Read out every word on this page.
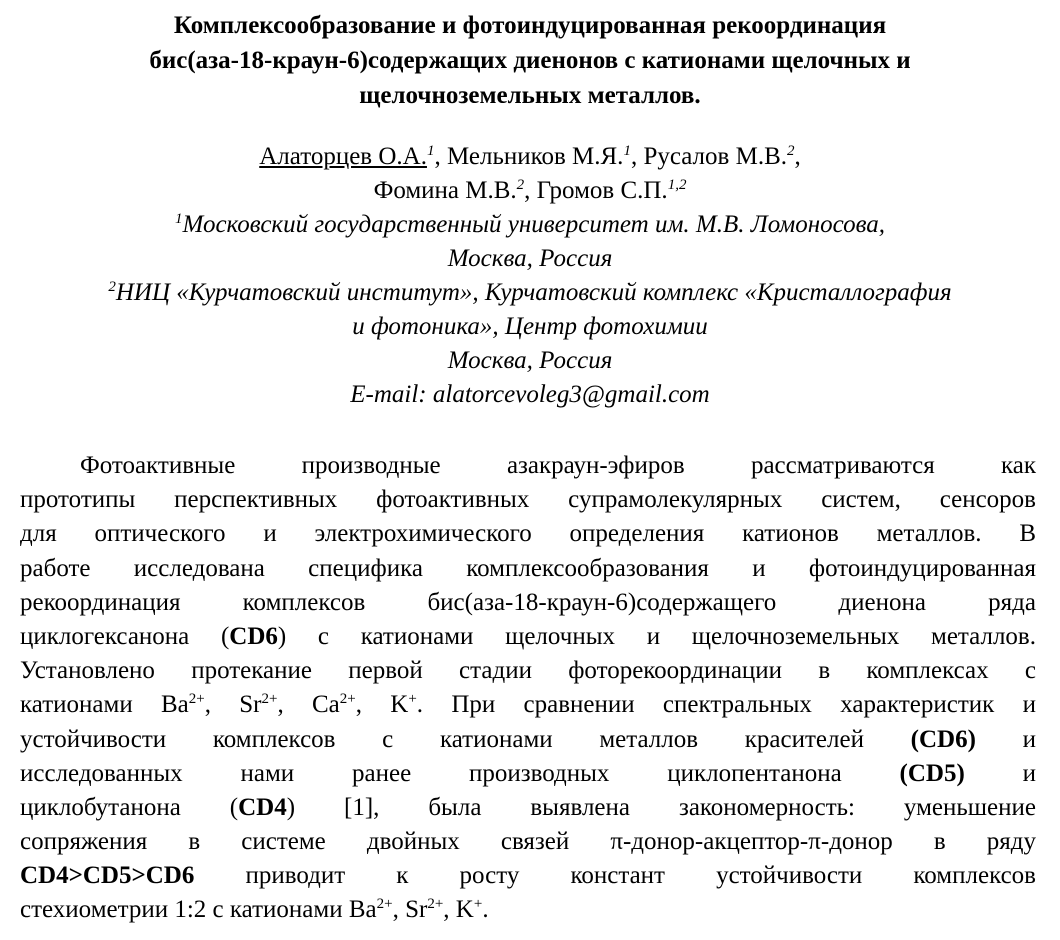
Комплексообразование и фотоиндуцированная рекоординация
бис(аза-18-краун-6)содержащих диенонов с катионами щелочных и
щелочноземельных металлов.
Алаторцев О.А.$^1$, Мельников М.Я.$^1$, Русалов М.В.$^2$,
Фомина М.В.$^2$, Громов С.П.$^{1,2}$
$^1$Московский государственный университет им. М.В. Ломоносова,
Москва, Россия
$^2$НИЦ «Курчатовский институт», Курчатовский комплекс «Кристаллография
и фотоника», Центр фотохимии
Москва, Россия
E-mail: alatorcevoleg3@gmail.com
Фотоактивные производные азакраун-эфиров рассматриваются как
прототипы перспективных фотоактивных супрамолекулярных систем, сенсоров
для оптического и электрохимического определения катионов металлов. В
работе исследована специфика комплексообразования и фотоиндуцированная
рекоординация комплексов бис(аза-18-краун-6)содержащего диенона ряда
циклогексанона (CD6) с катионами щелочных и щелочноземельных металлов.
Установлено протекание первой стадии фоторекоординации в комплексах с
катионами $Ba^{2+}$, $Sr^{2+}$, $Ca^{2+}$, K+. При сравнении спектральных характеристик и
устойчивости комплексов с катионами металлов красителей (CD6) и
исследованных нами ранее производных циклопентанона (CD5) и
циклобутанона (CD4) [1], была выявлена закономерность: уменьшение
сопряжения в системе двойных связей π-донор-акцептор-π-донор в ряду
CD4>CD5>CD6 приводит к росту констант устойчивости комплексов
стехиометрии 1:2 с катионами $Ba^{2+}$, $Sr^{2+}$, K+.
